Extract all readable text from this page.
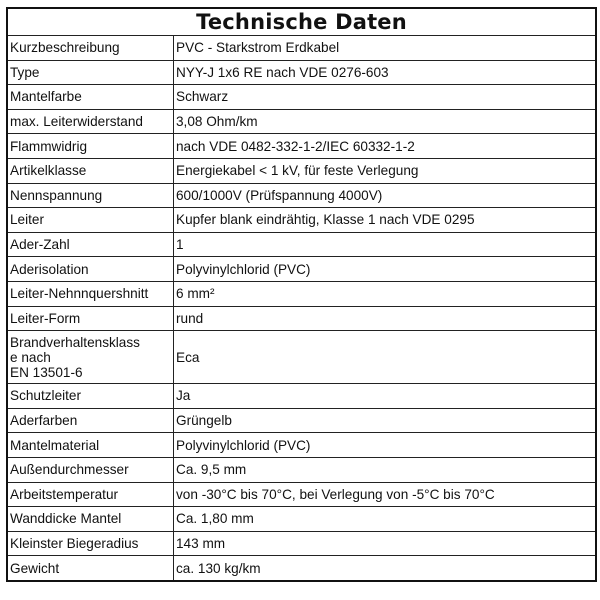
Technische Daten	
Kurzbeschreibung	PVC - Starkstrom Erdkabel
Type	NYY-J 1x6 RE nach VDE 0276-603
Mantelfarbe	Schwarz
max. Leiterwiderstand	3,08 Ohm/km
Flammwidrig	nach VDE 0482-332-1-2/IEC 60332-1-2
Artikelklasse	Energiekabel < 1 kV, für feste Verlegung
Nennspannung	600/1000V (Prüfspannung 4000V)
Leiter	Kupfer blank eindrähtig, Klasse 1 nach VDE 0295
Ader-Zahl	1
Aderisolation	Polyvinylchlorid (PVC)
Leiter-Nehnnquershnitt	6 mm²
Leiter-Form	rund

Brandverhaltensklass
e nach
EN 13501-6	Eca
Schutzleiter	Ja
Aderfarben	Grüngelb
Mantelmaterial	Polyvinylchlorid (PVC)
Außendurchmesser	Ca. 9,5 mm
Arbeitstemperatur	von -30°C bis 70°C, bei Verlegung von -5°C bis 70°C
Wanddicke Mantel	Ca. 1,80 mm
Kleinster Biegeradius	143 mm
Gewicht	ca. 130 kg/km
